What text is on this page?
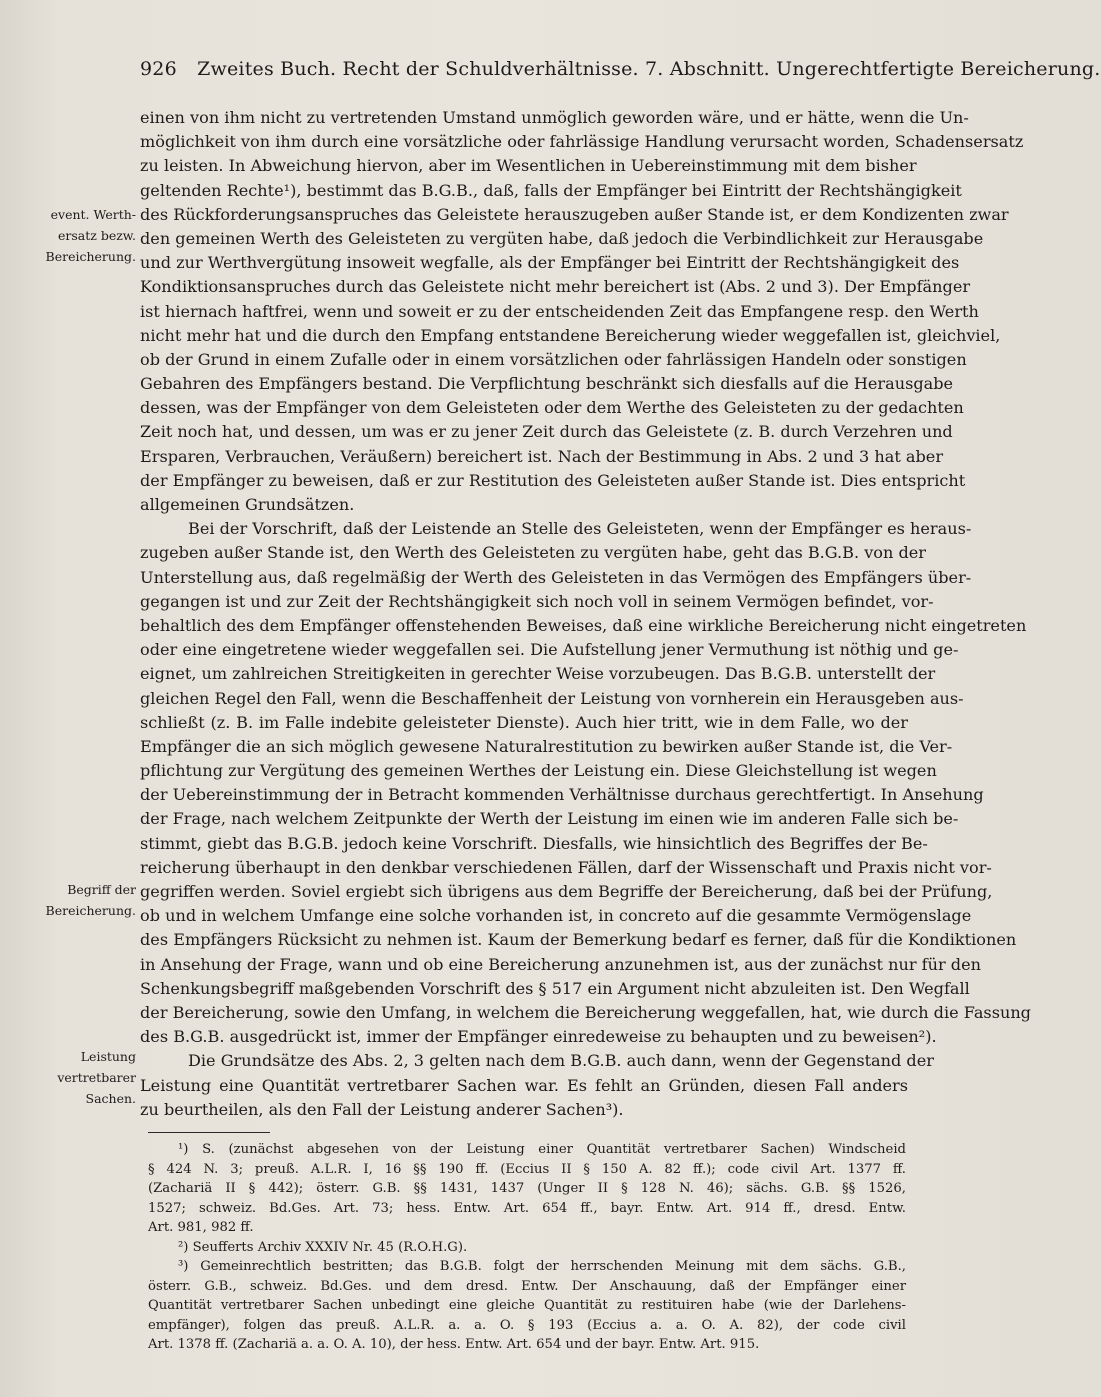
926 Zweites Buch. Recht der Schuldverhältnisse. 7. Abschnitt. Ungerechtfertigte Bereicherung.
event. Werth-
ersatz bezw.
Bereicherung.
Begriff der
Bereicherung.
Leistung
vertretbarer
Sachen.
einen von ihm nicht zu vertretenden Umstand unmöglich geworden wäre, und er hätte, wenn die Un-
möglichkeit von ihm durch eine vorsätzliche oder fahrlässige Handlung verursacht worden, Schadensersatz
zu leisten. In Abweichung hiervon, aber im Wesentlichen in Uebereinstimmung mit dem bisher
geltenden Rechte¹), bestimmt das B.G.B., daß, falls der Empfänger bei Eintritt der Rechtshängigkeit
des Rückforderungsanspruches das Geleistete herauszugeben außer Stande ist, er dem Kondizenten zwar
den gemeinen Werth des Geleisteten zu vergüten habe, daß jedoch die Verbindlichkeit zur Herausgabe
und zur Werthvergütung insoweit wegfalle, als der Empfänger bei Eintritt der Rechtshängigkeit des
Kondiktionsanspruches durch das Geleistete nicht mehr bereichert ist (Abs. 2 und 3). Der Empfänger
ist hiernach haftfrei, wenn und soweit er zu der entscheidenden Zeit das Empfangene resp. den Werth
nicht mehr hat und die durch den Empfang entstandene Bereicherung wieder weggefallen ist, gleichviel,
ob der Grund in einem Zufalle oder in einem vorsätzlichen oder fahrlässigen Handeln oder sonstigen
Gebahren des Empfängers bestand. Die Verpflichtung beschränkt sich diesfalls auf die Herausgabe
dessen, was der Empfänger von dem Geleisteten oder dem Werthe des Geleisteten zu der gedachten
Zeit noch hat, und dessen, um was er zu jener Zeit durch das Geleistete (z. B. durch Verzehren und
Ersparen, Verbrauchen, Veräußern) bereichert ist. Nach der Bestimmung in Abs. 2 und 3 hat aber
der Empfänger zu beweisen, daß er zur Restitution des Geleisteten außer Stande ist. Dies entspricht
allgemeinen Grundsätzen.
Bei der Vorschrift, daß der Leistende an Stelle des Geleisteten, wenn der Empfänger es heraus-
zugeben außer Stande ist, den Werth des Geleisteten zu vergüten habe, geht das B.G.B. von der
Unterstellung aus, daß regelmäßig der Werth des Geleisteten in das Vermögen des Empfängers über-
gegangen ist und zur Zeit der Rechtshängigkeit sich noch voll in seinem Vermögen befindet, vor-
behaltlich des dem Empfänger offenstehenden Beweises, daß eine wirkliche Bereicherung nicht eingetreten
oder eine eingetretene wieder weggefallen sei. Die Aufstellung jener Vermuthung ist nöthig und ge-
eignet, um zahlreichen Streitigkeiten in gerechter Weise vorzubeugen. Das B.G.B. unterstellt der
gleichen Regel den Fall, wenn die Beschaffenheit der Leistung von vornherein ein Herausgeben aus-
schließt (z. B. im Falle indebite geleisteter Dienste). Auch hier tritt, wie in dem Falle, wo der
Empfänger die an sich möglich gewesene Naturalrestitution zu bewirken außer Stande ist, die Ver-
pflichtung zur Vergütung des gemeinen Werthes der Leistung ein. Diese Gleichstellung ist wegen
der Uebereinstimmung der in Betracht kommenden Verhältnisse durchaus gerechtfertigt. In Ansehung
der Frage, nach welchem Zeitpunkte der Werth der Leistung im einen wie im anderen Falle sich be-
stimmt, giebt das B.G.B. jedoch keine Vorschrift. Diesfalls, wie hinsichtlich des Begriffes der Be-
reicherung überhaupt in den denkbar verschiedenen Fällen, darf der Wissenschaft und Praxis nicht vor-
gegriffen werden. Soviel ergiebt sich übrigens aus dem Begriffe der Bereicherung, daß bei der Prüfung,
ob und in welchem Umfange eine solche vorhanden ist, in concreto auf die gesammte Vermögenslage
des Empfängers Rücksicht zu nehmen ist. Kaum der Bemerkung bedarf es ferner, daß für die Kondiktionen
in Ansehung der Frage, wann und ob eine Bereicherung anzunehmen ist, aus der zunächst nur für den
Schenkungsbegriff maßgebenden Vorschrift des § 517 ein Argument nicht abzuleiten ist. Den Wegfall
der Bereicherung, sowie den Umfang, in welchem die Bereicherung weggefallen, hat, wie durch die Fassung
des B.G.B. ausgedrückt ist, immer der Empfänger einredeweise zu behaupten und zu beweisen²).
Die Grundsätze des Abs. 2, 3 gelten nach dem B.G.B. auch dann, wenn der Gegenstand der
Leistung eine Quantität vertretbarer Sachen war. Es fehlt an Gründen, diesen Fall anders
zu beurtheilen, als den Fall der Leistung anderer Sachen³).
¹) S. (zunächst abgesehen von der Leistung einer Quantität vertretbarer Sachen) Windscheid
§ 424 N. 3; preuß. A.L.R. I, 16 §§ 190 ff. (Eccius II § 150 A. 82 ff.); code civil Art. 1377 ff.
(Zachariä II § 442); österr. G.B. §§ 1431, 1437 (Unger II § 128 N. 46); sächs. G.B. §§ 1526,
1527; schweiz. Bd.Ges. Art. 73; hess. Entw. Art. 654 ff., bayr. Entw. Art. 914 ff., dresd. Entw.
Art. 981, 982 ff.
²) Seufferts Archiv XXXIV Nr. 45 (R.O.H.G).
³) Gemeinrechtlich bestritten; das B.G.B. folgt der herrschenden Meinung mit dem sächs. G.B.,
österr. G.B., schweiz. Bd.Ges. und dem dresd. Entw. Der Anschauung, daß der Empfänger einer
Quantität vertretbarer Sachen unbedingt eine gleiche Quantität zu restituiren habe (wie der Darlehens-
empfänger), folgen das preuß. A.L.R. a. a. O. § 193 (Eccius a. a. O. A. 82), der code civil
Art. 1378 ff. (Zachariä a. a. O. A. 10), der hess. Entw. Art. 654 und der bayr. Entw. Art. 915.
